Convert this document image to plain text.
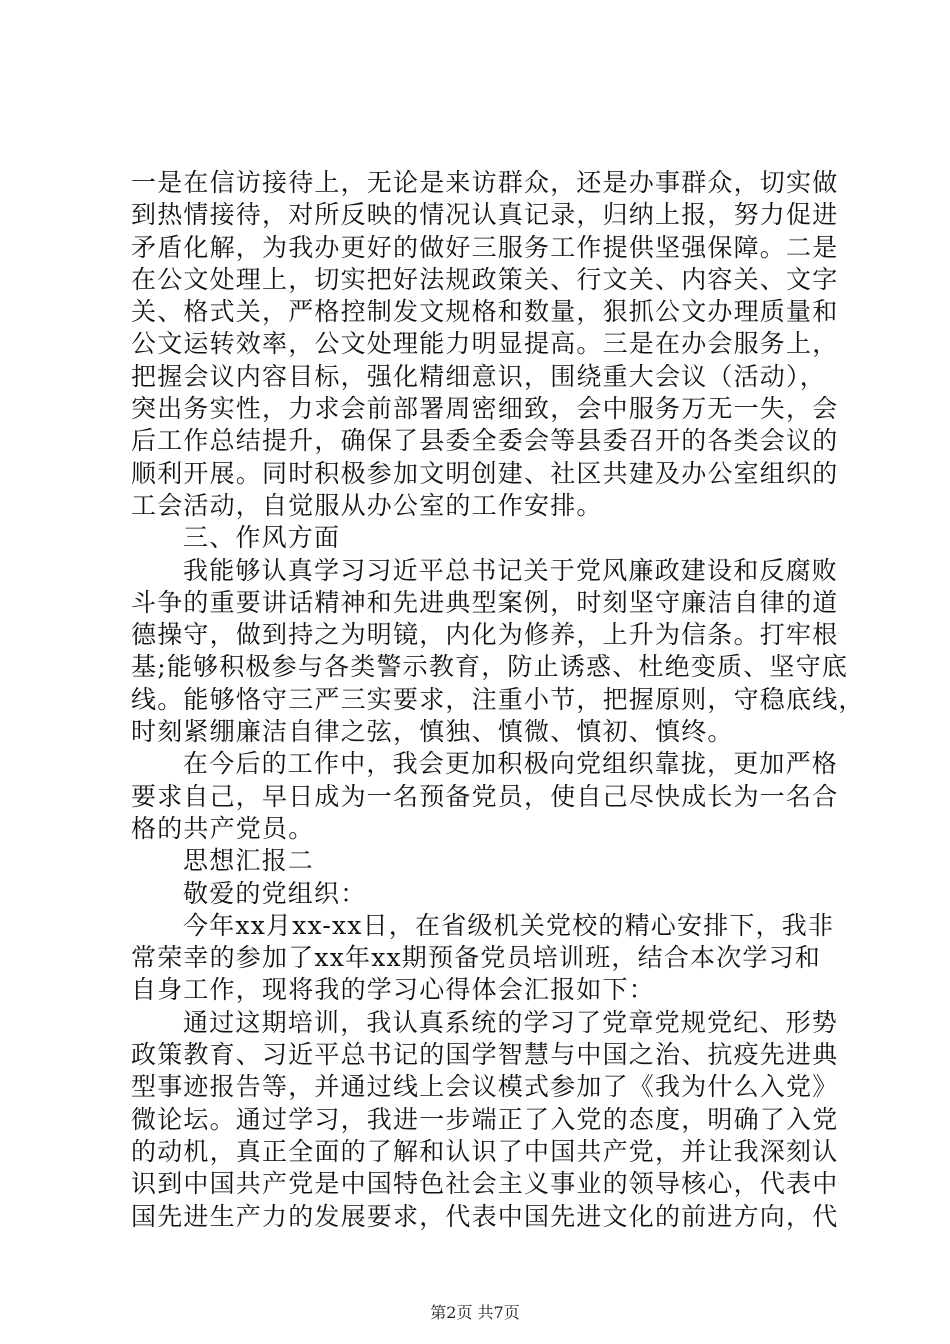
一是在信访接待上，无论是来访群众，还是办事群众，切实做
到热情接待，对所反映的情况认真记录，归纳上报，努力促进
矛盾化解，为我办更好的做好三服务工作提供坚强保障。二是
在公文处理上，切实把好法规政策关、行文关、内容关、文字
关、格式关，严格控制发文规格和数量，狠抓公文办理质量和
公文运转效率，公文处理能力明显提高。三是在办会服务上，
把握会议内容目标，强化精细意识，围绕重大会议（活动），
突出务实性，力求会前部署周密细致，会中服务万无一失，会
后工作总结提升，确保了县委全委会等县委召开的各类会议的
顺利开展。同时积极参加文明创建、社区共建及办公室组织的
工会活动，自觉服从办公室的工作安排。
三、作风方面
我能够认真学习习近平总书记关于党风廉政建设和反腐败
斗争的重要讲话精神和先进典型案例，时刻坚守廉洁自律的道
德操守，做到持之为明镜，内化为修养，上升为信条。打牢根
基;能够积极参与各类警示教育，防止诱惑、杜绝变质、坚守底
线。能够恪守三严三实要求，注重小节，把握原则，守稳底线，
时刻紧绷廉洁自律之弦，慎独、慎微、慎初、慎终。
在今后的工作中，我会更加积极向党组织靠拢，更加严格
要求自己，早日成为一名预备党员，使自己尽快成长为一名合
格的共产党员。
思想汇报二
敬爱的党组织：
今年xx月xx-xx日，在省级机关党校的精心安排下，我非
常荣幸的参加了xx年xx期预备党员培训班，结合本次学习和
自身工作，现将我的学习心得体会汇报如下：
通过这期培训，我认真系统的学习了党章党规党纪、形势
政策教育、习近平总书记的国学智慧与中国之治、抗疫先进典
型事迹报告等，并通过线上会议模式参加了《我为什么入党》
微论坛。通过学习，我进一步端正了入党的态度，明确了入党
的动机，真正全面的了解和认识了中国共产党，并让我深刻认
识到中国共产党是中国特色社会主义事业的领导核心，代表中
国先进生产力的发展要求，代表中国先进文化的前进方向，代
第2页 共7页
